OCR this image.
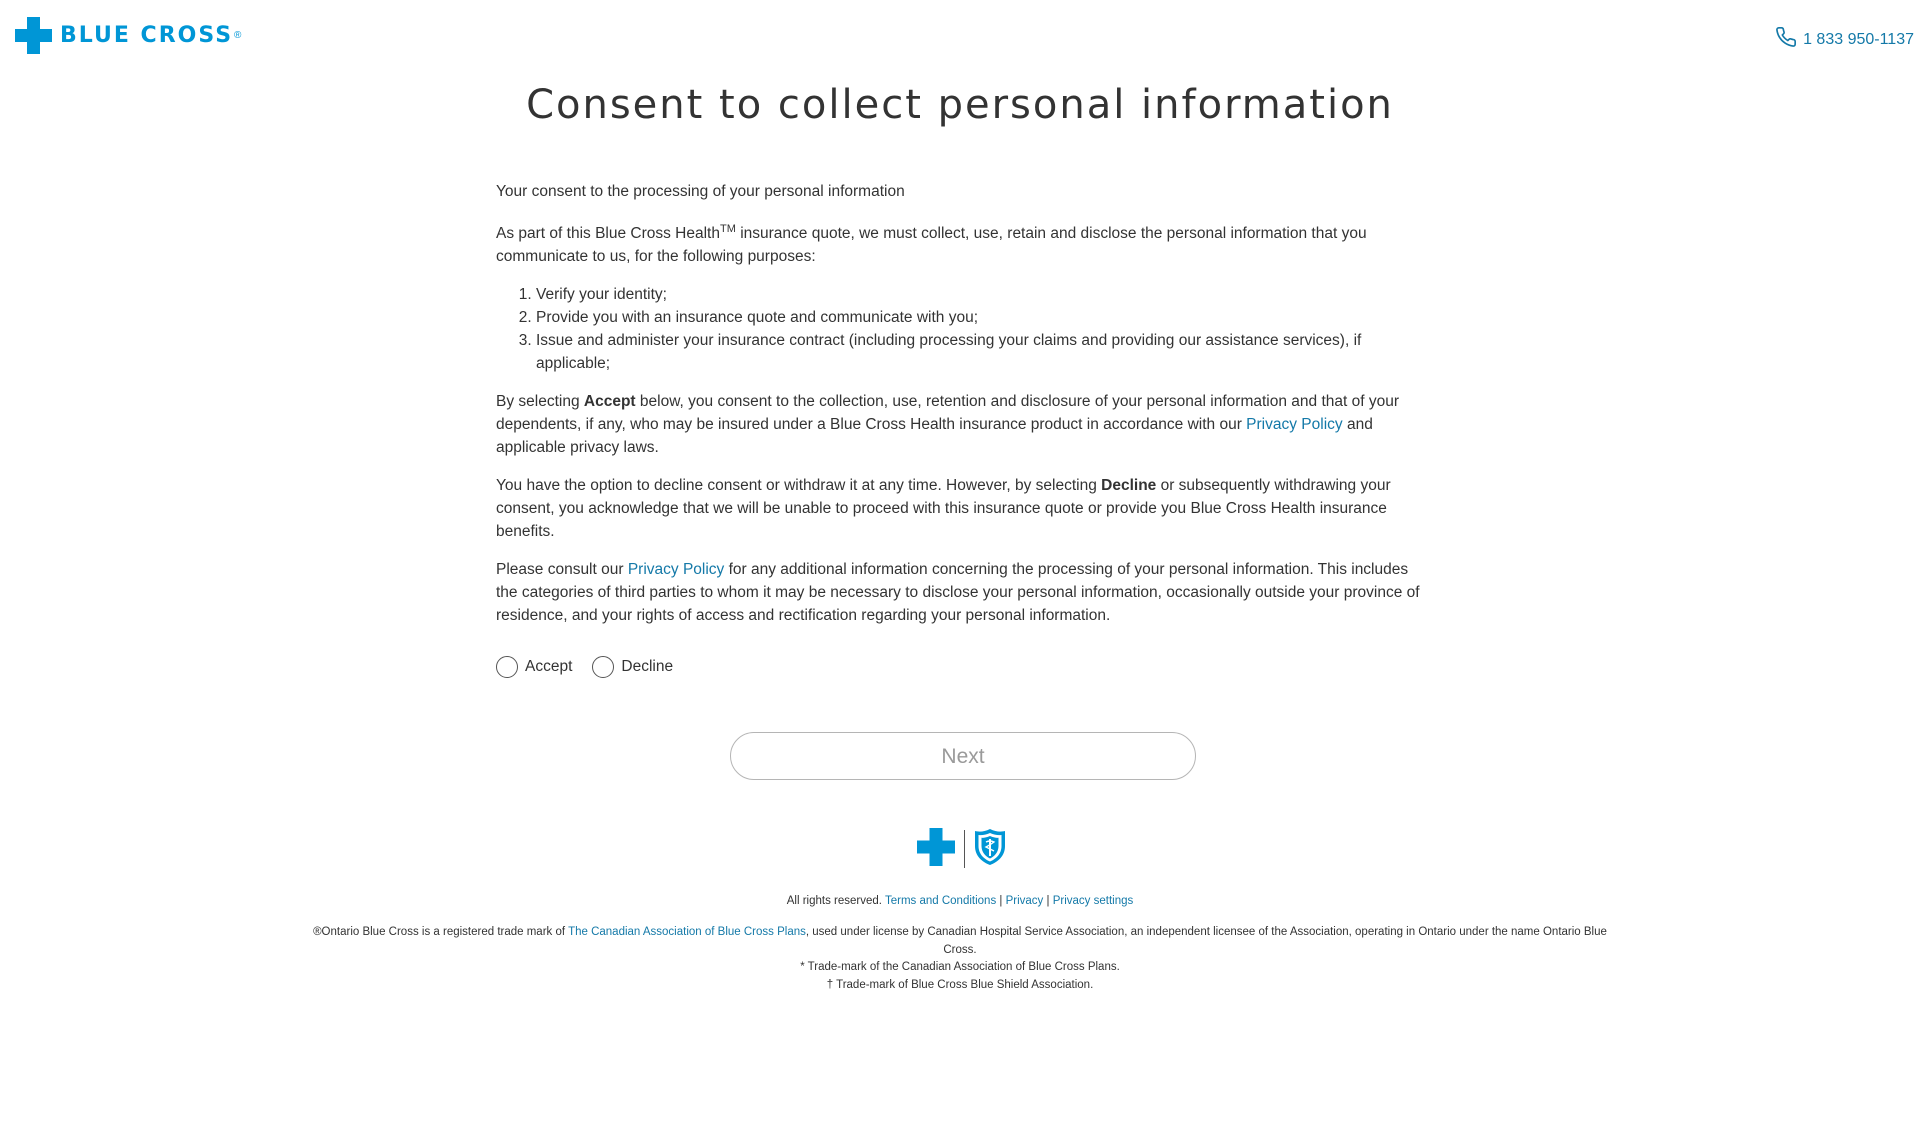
BLUE CROSS ®	1 833 950-1137
Consent to collect personal information

Your consent to the processing of your personal information

As part of this Blue Cross Health™ insurance quote, we must collect, use, retain and disclose the personal information that you communicate to us, for the following purposes:

1. Verify your identity;
2. Provide you with an insurance quote and communicate with you;
3. Issue and administer your insurance contract (including processing your claims and providing our assistance services), if applicable;

By selecting Accept below, you consent to the collection, use, retention and disclosure of your personal information and that of your dependents, if any, who may be insured under a Blue Cross Health insurance product in accordance with our Privacy Policy and applicable privacy laws.

You have the option to decline consent or withdraw it at any time. However, by selecting Decline or subsequently withdrawing your consent, you acknowledge that we will be unable to proceed with this insurance quote or provide you Blue Cross Health insurance benefits.

Please consult our Privacy Policy for any additional information concerning the processing of your personal information. This includes the categories of third parties to whom it may be necessary to disclose your personal information, occasionally outside your province of residence, and your rights of access and rectification regarding your personal information.

Accept	Decline
Next
All rights reserved. Terms and Conditions | Privacy | Privacy settings
®Ontario Blue Cross is a registered trade mark of The Canadian Association of Blue Cross Plans, used under license by Canadian Hospital Service Association, an independent licensee of the Association, operating in Ontario under the name Ontario Blue Cross.
* Trade-mark of the Canadian Association of Blue Cross Plans.
† Trade-mark of Blue Cross Blue Shield Association.
